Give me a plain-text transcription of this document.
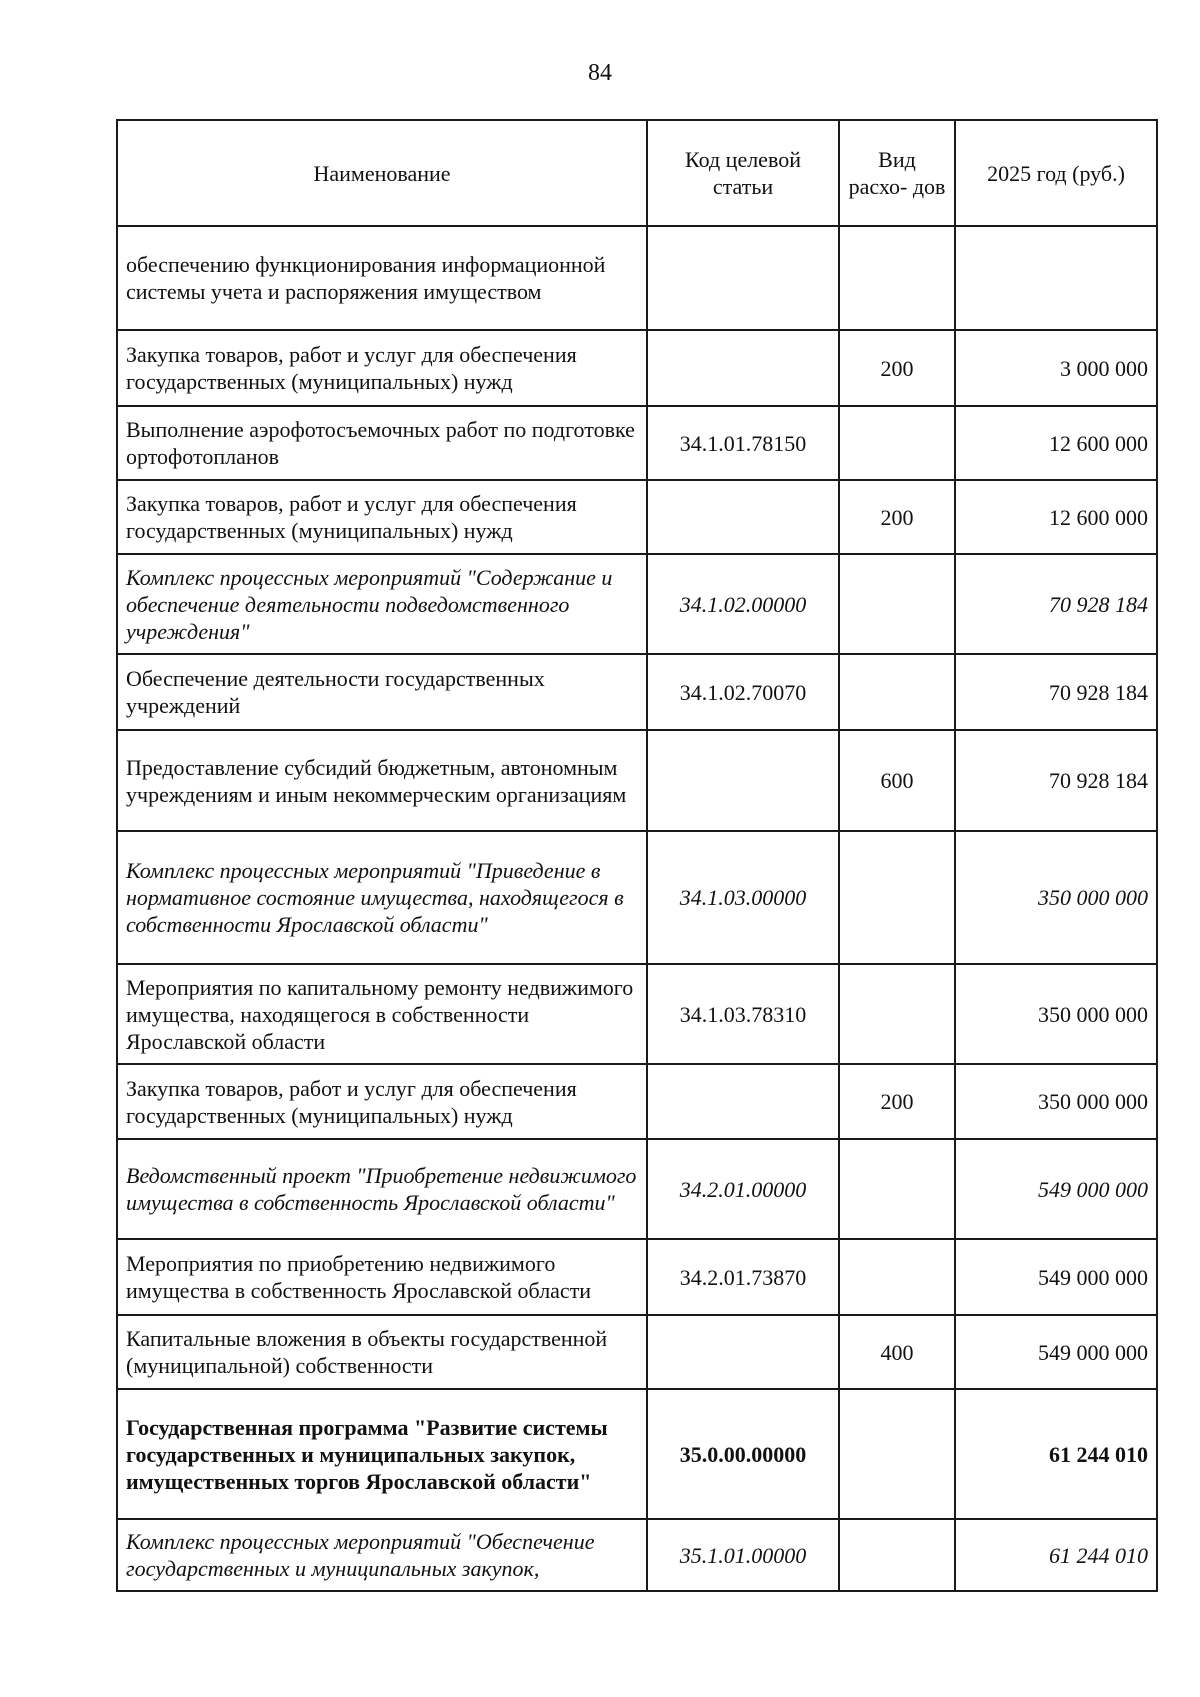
84
Наименование	Код целевой статьи	Вид расхо- дов	2025 год (руб.)
обеспечению функционирования информационной системы учета и распоряжения имуществом			
Закупка товаров, работ и услуг для обеспечения государственных (муниципальных) нужд		200	3 000 000
Выполнение аэрофотосъемочных работ по подготовке ортофотопланов	34.1.01.78150		12 600 000
Закупка товаров, работ и услуг для обеспечения государственных (муниципальных) нужд		200	12 600 000
Комплекс процессных мероприятий "Содержание и обеспечение деятельности подведомственного учреждения"	34.1.02.00000		70 928 184
Обеспечение деятельности государственных учреждений	34.1.02.70070		70 928 184
Предоставление субсидий бюджетным, автономным учреждениям и иным некоммерческим организациям		600	70 928 184
Комплекс процессных мероприятий "Приведение в нормативное состояние имущества, находящегося в собственности Ярославской области"	34.1.03.00000		350 000 000
Мероприятия по капитальному ремонту недвижимого имущества, находящегося в собственности Ярославской области	34.1.03.78310		350 000 000
Закупка товаров, работ и услуг для обеспечения государственных (муниципальных) нужд		200	350 000 000
Ведомственный проект "Приобретение недвижимого имущества в собственность Ярославской области"	34.2.01.00000		549 000 000
Мероприятия по приобретению недвижимого имущества в собственность Ярославской области	34.2.01.73870		549 000 000
Капитальные вложения в объекты государственной (муниципальной) собственности		400	549 000 000
Государственная программа "Развитие системы государственных и муниципальных закупок, имущественных торгов Ярославской области"	35.0.00.00000		61 244 010
Комплекс процессных мероприятий "Обеспечение государственных и муниципальных закупок,	35.1.01.00000		61 244 010
